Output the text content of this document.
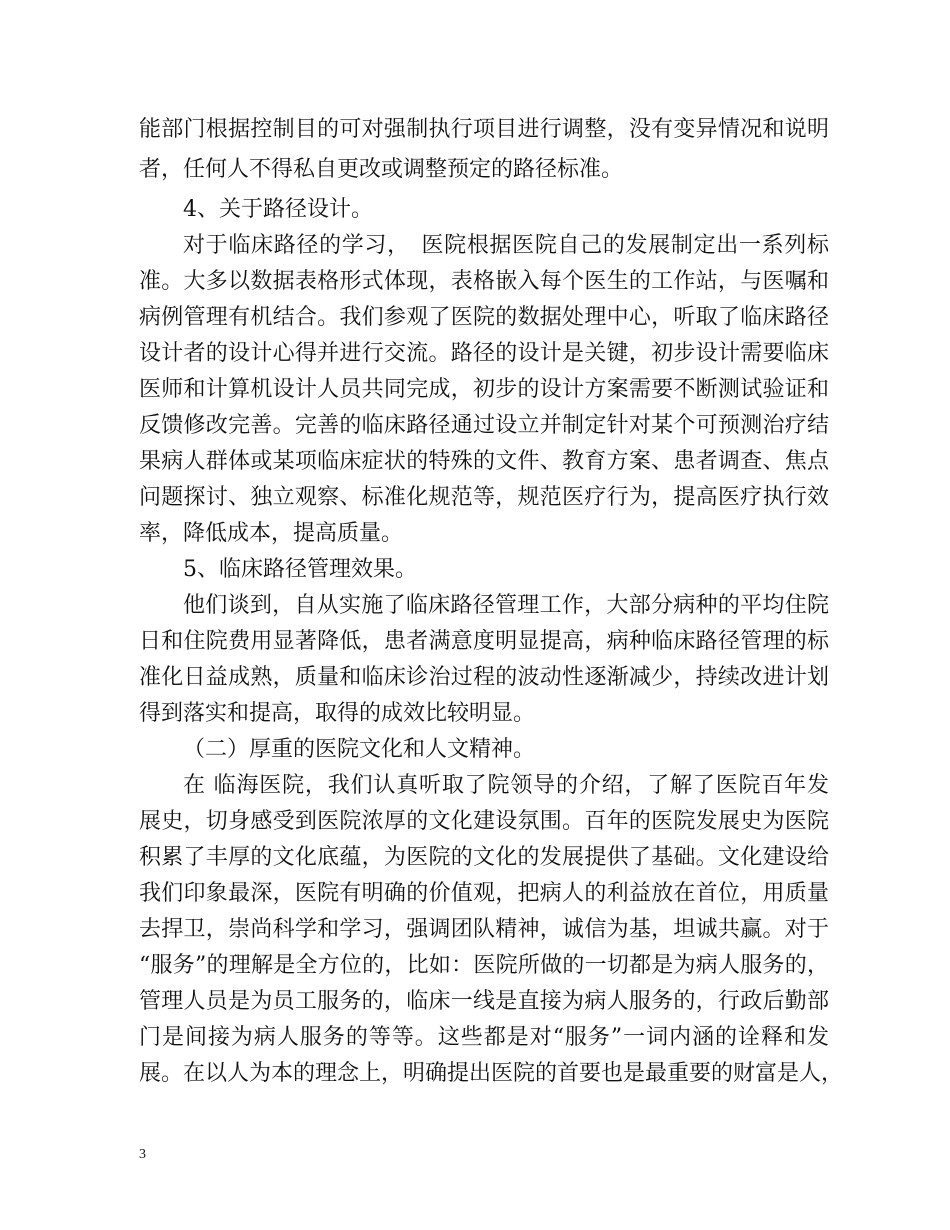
能部门根据控制目的可对强制执行项目进行调整，没有变异情况和说明
者，任何人不得私自更改或调整预定的路径标准。
4、关于路径设计。
对于临床路径的学习，　医院根据医院自己的发展制定出一系列标
准。大多以数据表格形式体现，表格嵌入每个医生的工作站，与医嘱和
病例管理有机结合。我们参观了医院的数据处理中心，听取了临床路径
设计者的设计心得并进行交流。路径的设计是关键，初步设计需要临床
医师和计算机设计人员共同完成，初步的设计方案需要不断测试验证和
反馈修改完善。完善的临床路径通过设立并制定针对某个可预测治疗结
果病人群体或某项临床症状的特殊的文件、教育方案、患者调查、焦点
问题探讨、独立观察、标准化规范等，规范医疗行为，提高医疗执行效
率，降低成本，提高质量。
5、临床路径管理效果。
他们谈到，自从实施了临床路径管理工作，大部分病种的平均住院
日和住院费用显著降低，患者满意度明显提高，病种临床路径管理的标
准化日益成熟，质量和临床诊治过程的波动性逐渐减少，持续改进计划
得到落实和提高，取得的成效比较明显。
（二）厚重的医院文化和人文精神。
在 临海医院，我们认真听取了院领导的介绍，了解了医院百年发
展史，切身感受到医院浓厚的文化建设氛围。百年的医院发展史为医院
积累了丰厚的文化底蕴，为医院的文化的发展提供了基础。文化建设给
我们印象最深，医院有明确的价值观，把病人的利益放在首位，用质量
去捍卫，崇尚科学和学习，强调团队精神，诚信为基，坦诚共赢。对于
“服务”的理解是全方位的，比如：医院所做的一切都是为病人服务的，
管理人员是为员工服务的，临床一线是直接为病人服务的，行政后勤部
门是间接为病人服务的等等。这些都是对“服务”一词内涵的诠释和发
展。在以人为本的理念上，明确提出医院的首要也是最重要的财富是人，
3
